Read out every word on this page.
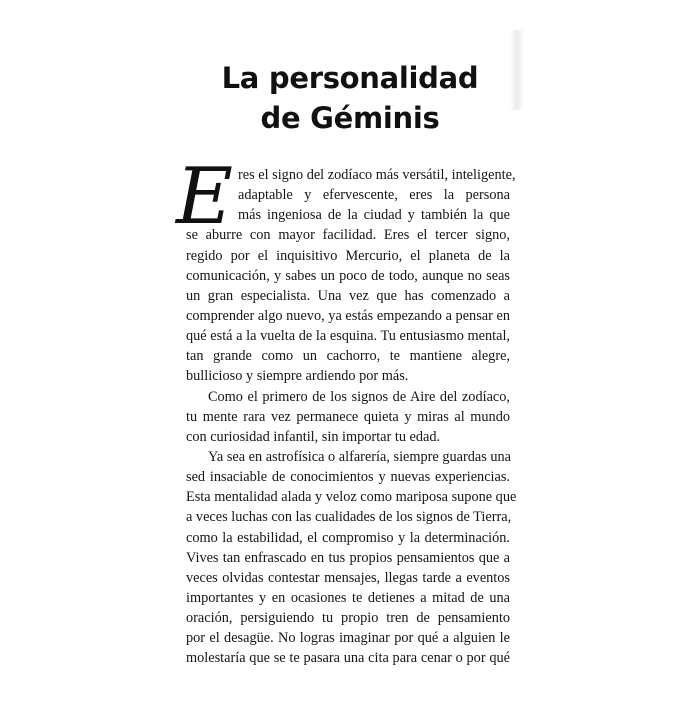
La personalidad
de Géminis
E res el signo del zodíaco más versátil, inteligente,
adaptable y efervescente, eres la persona
más ingeniosa de la ciudad y también la que
se aburre con mayor facilidad. Eres el tercer signo,
regido por el inquisitivo Mercurio, el planeta de la
comunicación, y sabes un poco de todo, aunque no seas
un gran especialista. Una vez que has comenzado a
comprender algo nuevo, ya estás empezando a pensar en
qué está a la vuelta de la esquina. Tu entusiasmo mental,
tan grande como un cachorro, te mantiene alegre,
bullicioso y siempre ardiendo por más.
Como el primero de los signos de Aire del zodíaco,
tu mente rara vez permanece quieta y miras al mundo
con curiosidad infantil, sin importar tu edad.
Ya sea en astrofísica o alfarería, siempre guardas una
sed insaciable de conocimientos y nuevas experiencias.
Esta mentalidad alada y veloz como mariposa supone que
a veces luchas con las cualidades de los signos de Tierra,
como la estabilidad, el compromiso y la determinación.
Vives tan enfrascado en tus propios pensamientos que a
veces olvidas contestar mensajes, llegas tarde a eventos
importantes y en ocasiones te detienes a mitad de una
oración, persiguiendo tu propio tren de pensamiento
por el desagüe. No logras imaginar por qué a alguien le
molestaría que se te pasara una cita para cenar o por qué
